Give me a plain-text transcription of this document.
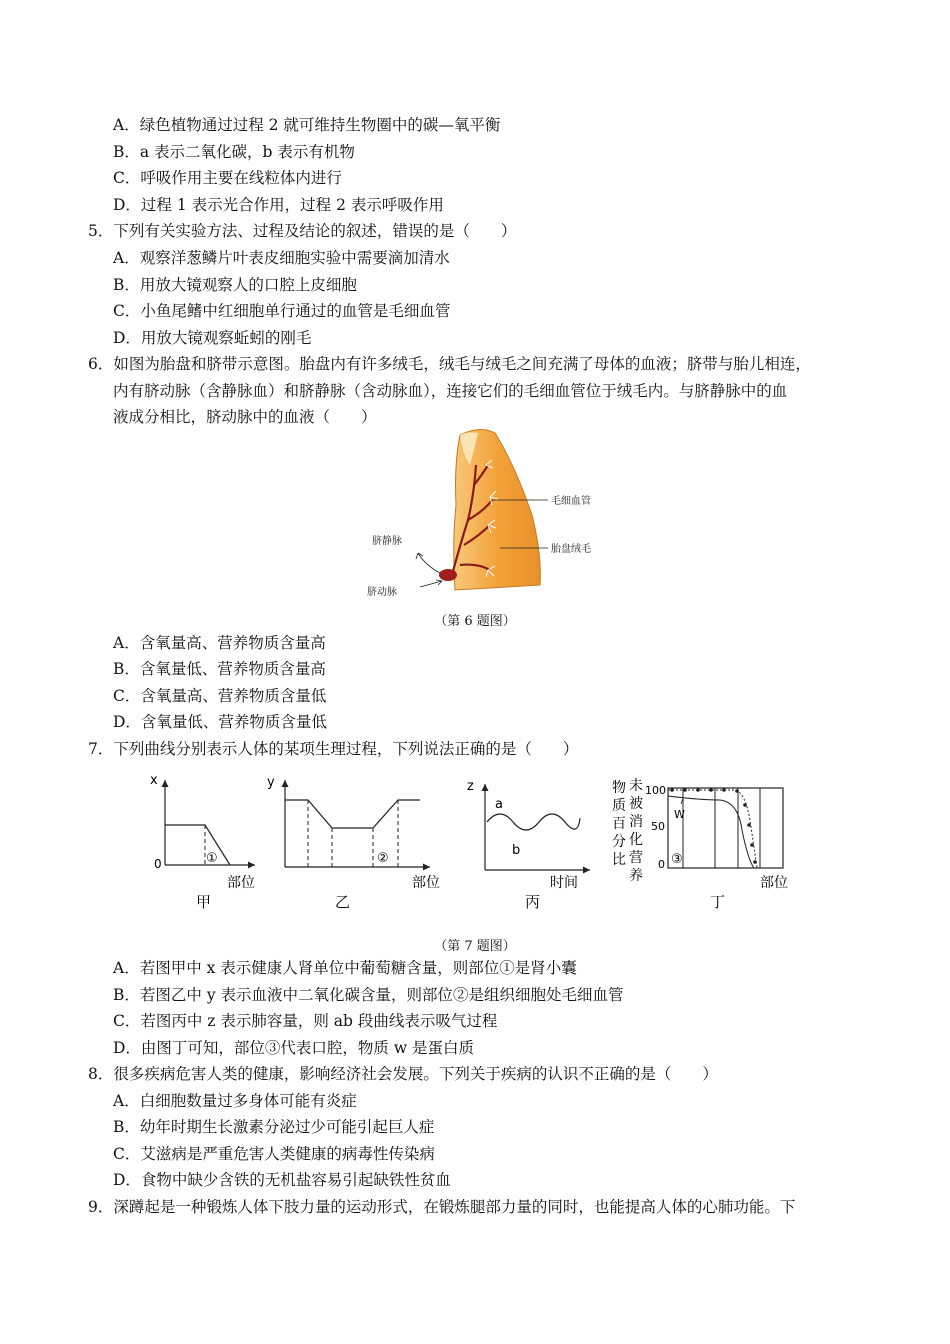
A．绿色植物通过过程 2 就可维持生物圈中的碳—氧平衡
B．a 表示二氧化碳，b 表示有机物
C．呼吸作用主要在线粒体内进行
D．过程 1 表示光合作用，过程 2 表示呼吸作用
5．下列有关实验方法、过程及结论的叙述，错误的是（　　）
A．观察洋葱鳞片叶表皮细胞实验中需要滴加清水
B．用放大镜观察人的口腔上皮细胞
C．小鱼尾鳍中红细胞单行通过的血管是毛细血管
D．用放大镜观察蚯蚓的刚毛
6．如图为胎盘和脐带示意图。胎盘内有许多绒毛，绒毛与绒毛之间充满了母体的血液；脐带与胎儿相连，
内有脐动脉（含静脉血）和脐静脉（含动脉血），连接它们的毛细血管位于绒毛内。与脐静脉中的血
液成分相比，脐动脉中的血液（　　）
毛细血管
胎盘绒毛
脐静脉
脐动脉
（第 6 题图）
A．含氧量高、营养物质含量高
B．含氧量低、营养物质含量高
C．含氧量高、营养物质含量低
D．含氧量低、营养物质含量低
7．下列曲线分别表示人体的某项生理过程，下列说法正确的是（　　）
x
0	①
部位
甲
y
②
部位
乙
z
a
b
时间
丙
物
质
百
分
比
未
被
消
化
营
养
100
50
0
W
③
部位
丁
（第 7 题图）
A．若图甲中 x 表示健康人肾单位中葡萄糖含量，则部位①是肾小囊
B．若图乙中 y 表示血液中二氧化碳含量，则部位②是组织细胞处毛细血管
C．若图丙中 z 表示肺容量，则 ab 段曲线表示吸气过程
D．由图丁可知，部位③代表口腔，物质 w 是蛋白质
8．很多疾病危害人类的健康，影响经济社会发展。下列关于疾病的认识不正确的是（　　）
A．白细胞数量过多身体可能有炎症
B．幼年时期生长激素分泌过少可能引起巨人症
C．艾滋病是严重危害人类健康的病毒性传染病
D．食物中缺少含铁的无机盐容易引起缺铁性贫血
9．深蹲起是一种锻炼人体下肢力量的运动形式，在锻炼腿部力量的同时，也能提高人体的心肺功能。下
